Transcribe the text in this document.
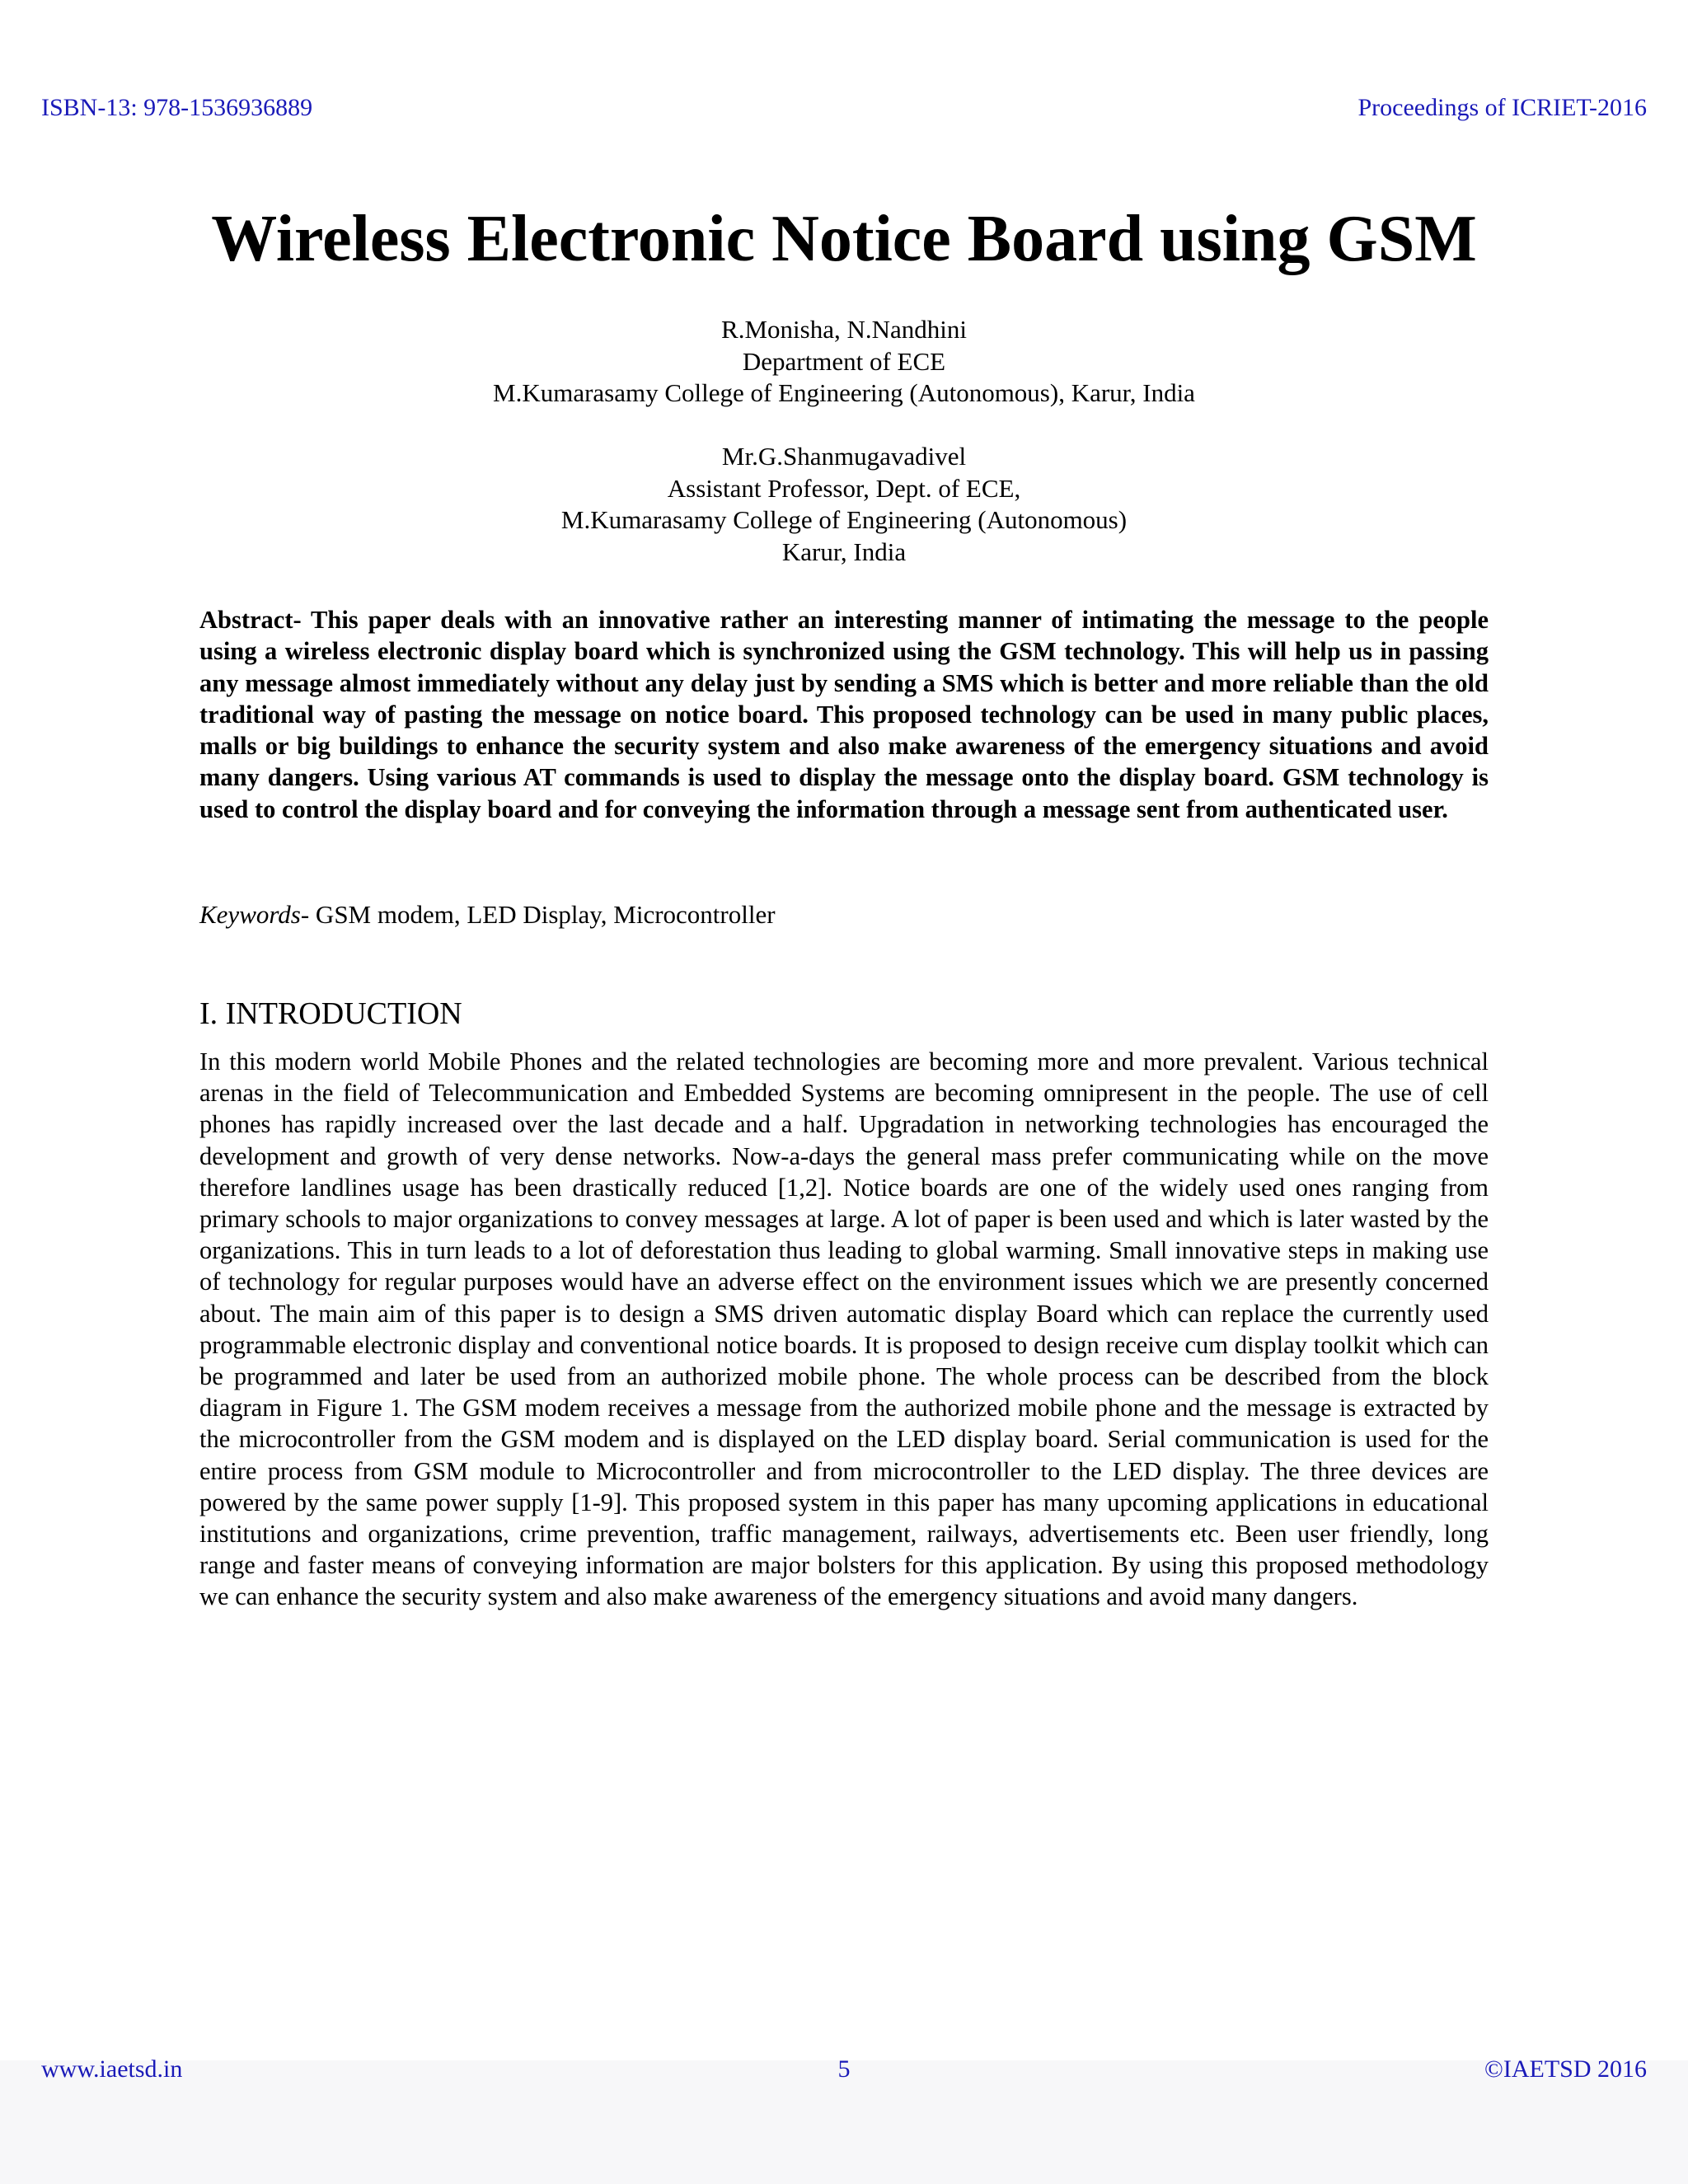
ISBN-13: 978-1536936889	Proceedings of ICRIET-2016
Wireless Electronic Notice Board using GSM
R.Monisha, N.Nandhini
Department of ECE
M.Kumarasamy College of Engineering (Autonomous), Karur, India
Mr.G.Shanmugavadivel
Assistant Professor, Dept. of ECE,
M.Kumarasamy College of Engineering (Autonomous)
Karur, India
Abstract- This paper deals with an innovative rather an interesting manner of intimating the message to the people using a wireless electronic display board which is synchronized using the GSM technology. This will help us in passing any message almost immediately without any delay just by sending a SMS which is better and more reliable than the old traditional way of pasting the message on notice board. This proposed technology can be used in many public places, malls or big buildings to enhance the security system and also make awareness of the emergency situations and avoid many dangers. Using various AT commands is used to display the message onto the display board. GSM technology is used to control the display board and for conveying the information through a message sent from authenticated user.
Keywords- GSM modem, LED Display, Microcontroller
I. INTRODUCTION
In this modern world Mobile Phones and the related technologies are becoming more and more prevalent. Various technical arenas in the field of Telecommunication and Embedded Systems are becoming omnipresent in the people. The use of cell phones has rapidly increased over the last decade and a half. Upgradation in networking technologies has encouraged the development and growth of very dense networks. Now-a-days the general mass prefer communicating while on the move therefore landlines usage has been drastically reduced [1,2]. Notice boards are one of the widely used ones ranging from primary schools to major organizations to convey messages at large. A lot of paper is been used and which is later wasted by the organizations. This in turn leads to a lot of deforestation thus leading to global warming. Small innovative steps in making use of technology for regular purposes would have an adverse effect on the environment issues which we are presently concerned about. The main aim of this paper is to design a SMS driven automatic display Board which can replace the currently used programmable electronic display and conventional notice boards. It is proposed to design receive cum display toolkit which can be programmed and later be used from an authorized mobile phone. The whole process can be described from the block diagram in Figure 1. The GSM modem receives a message from the authorized mobile phone and the message is extracted by the microcontroller from the GSM modem and is displayed on the LED display board. Serial communication is used for the entire process from GSM module to Microcontroller and from microcontroller to the LED display. The three devices are powered by the same power supply [1-9]. This proposed system in this paper has many upcoming applications in educational institutions and organizations, crime prevention, traffic management, railways, advertisements etc. Been user friendly, long range and faster means of conveying information are major bolsters for this application. By using this proposed methodology we can enhance the security system and also make awareness of the emergency situations and avoid many dangers.
www.iaetsd.in	5	©IAETSD 2016
